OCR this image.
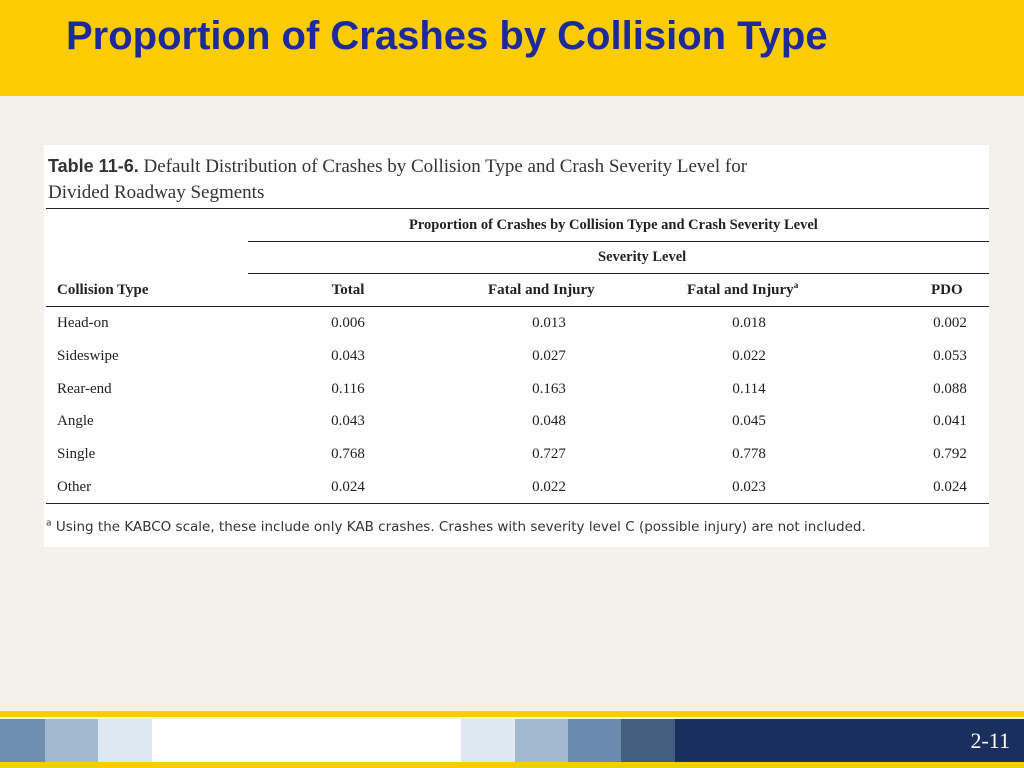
Proportion of Crashes by Collision Type
Table 11-6. Default Distribution of Crashes by Collision Type and Crash Severity Level for
Divided Roadway Segments
Proportion of Crashes by Collision Type and Crash Severity Level
Severity Level
Collision Type	Total	Fatal and Injury	Fatal and Injury$^a$	PDO
Head-on	0.006	0.013	0.018	0.002
Sideswipe	0.043	0.027	0.022	0.053
Rear-end	0.116	0.163	0.114	0.088
Angle	0.043	0.048	0.045	0.041
Single	0.768	0.727	0.778	0.792
Other	0.024	0.022	0.023	0.024
$^a$ Using the KABCO scale, these include only KAB crashes. Crashes with severity level C (possible injury) are not included.
2-11
